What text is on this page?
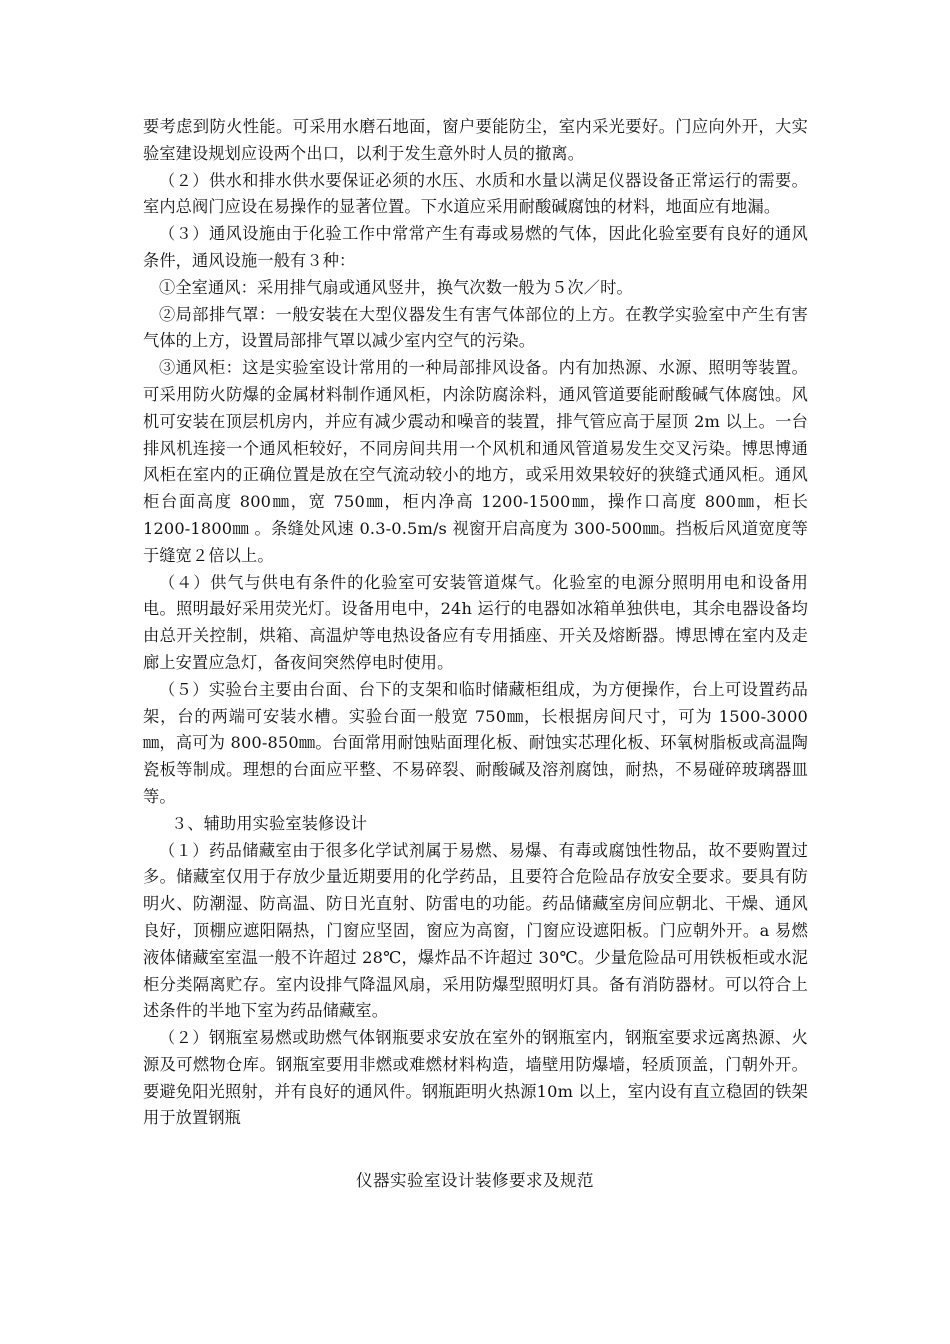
要考虑到防火性能。可采用水磨石地面，窗户要能防尘，室内采光要好。门应向外开，大实验室建设规划应设两个出口，以利于发生意外时人员的撤离。

（２）供水和排水供水要保证必须的水压、水质和水量以满足仪器设备正常运行的需要。室内总阀门应设在易操作的显著位置。下水道应采用耐酸碱腐蚀的材料，地面应有地漏。

（３）通风设施由于化验工作中常常产生有毒或易燃的气体，因此化验室要有良好的通风条件，通风设施一般有３种：

①全室通风：采用排气扇或通风竖井，换气次数一般为５次／时。

②局部排气罩：一般安装在大型仪器发生有害气体部位的上方。在教学实验室中产生有害气体的上方，设置局部排气罩以减少室内空气的污染。

③通风柜：这是实验室设计常用的一种局部排风设备。内有加热源、水源、照明等装置。可采用防火防爆的金属材料制作通风柜，内涂防腐涂料，通风管道要能耐酸碱气体腐蚀。风机可安装在顶层机房内，并应有减少震动和噪音的装置，排气管应高于屋顶 2m 以上。一台排风机连接一个通风柜较好，不同房间共用一个风机和通风管道易发生交叉污染。博思博通风柜在室内的正确位置是放在空气流动较小的地方，或采用效果较好的狭缝式通风柜。通风柜台面高度 800㎜，宽 750㎜，柜内净高 1200-1500㎜，操作口高度 800㎜，柜长 1200-1800㎜ 。条缝处风速 0.3-0.5m/s 视窗开启高度为 300-500㎜。挡板后风道宽度等于缝宽２倍以上。

（４）供气与供电有条件的化验室可安装管道煤气。化验室的电源分照明用电和设备用电。照明最好采用荧光灯。设备用电中，24h 运行的电器如冰箱单独供电，其余电器设备均由总开关控制，烘箱、高温炉等电热设备应有专用插座、开关及熔断器。博思博在室内及走廊上安置应急灯，备夜间突然停电时使用。

（５）实验台主要由台面、台下的支架和临时储藏柜组成，为方便操作，台上可设置药品架，台的两端可安装水槽。实验台面一般宽 750㎜，长根据房间尺寸，可为 1500-3000㎜，高可为 800-850㎜。台面常用耐蚀贴面理化板、耐蚀实芯理化板、环氧树脂板或高温陶瓷板等制成。理想的台面应平整、不易碎裂、耐酸碱及溶剂腐蚀，耐热，不易碰碎玻璃器皿等。

３、辅助用实验室装修设计

（１）药品储藏室由于很多化学试剂属于易燃、易爆、有毒或腐蚀性物品，故不要购置过多。储藏室仅用于存放少量近期要用的化学药品，且要符合危险品存放安全要求。要具有防明火、防潮湿、防高温、防日光直射、防雷电的功能。药品储藏室房间应朝北、干燥、通风良好，顶棚应遮阳隔热，门窗应坚固，窗应为高窗，门窗应设遮阳板。门应朝外开。a 易燃液体储藏室室温一般不许超过 28℃，爆炸品不许超过 30℃。少量危险品可用铁板柜或水泥柜分类隔离贮存。室内设排气降温风扇，采用防爆型照明灯具。备有消防器材。可以符合上述条件的半地下室为药品储藏室。

（２）钢瓶室易燃或助燃气体钢瓶要求安放在室外的钢瓶室内，钢瓶室要求远离热源、火源及可燃物仓库。钢瓶室要用非燃或难燃材料构造，墙壁用防爆墙，轻质顶盖，门朝外开。要避免阳光照射，并有良好的通风件。钢瓶距明火热源10m 以上，室内设有直立稳固的铁架用于放置钢瓶

仪器实验室设计装修要求及规范
